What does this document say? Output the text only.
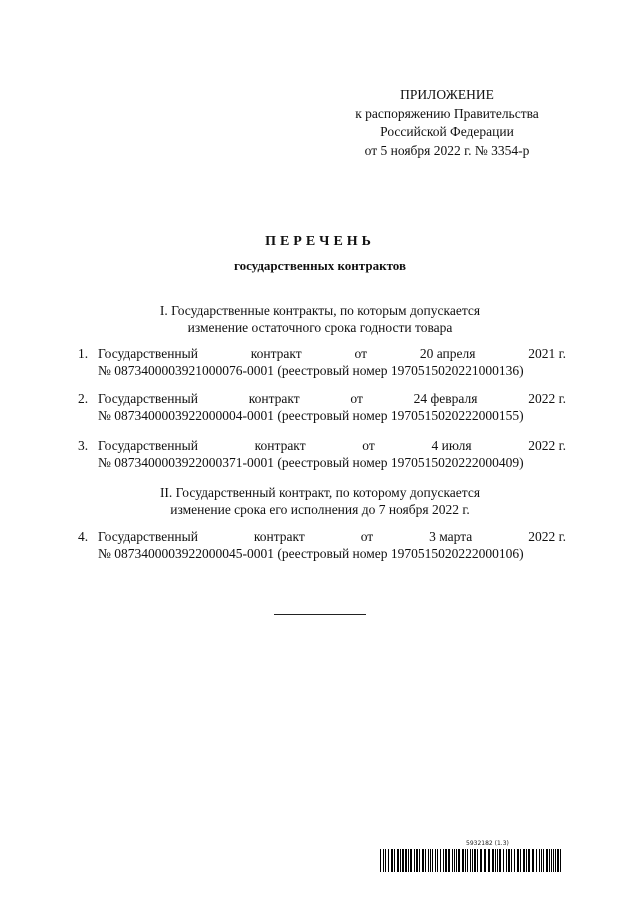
ПРИЛОЖЕНИЕ
к распоряжению Правительства
Российской Федерации
от 5 ноября 2022 г. № 3354-р
ПЕРЕЧЕНЬ
государственных контрактов
I. Государственные контракты, по которым допускается
изменение остаточного срока годности товара
1. Государственный	контракт	от	20 апреля	2021 г.
№ 0873400003921000076-0001 (реестровый номер 1970515020221000136)
2. Государственный	контракт	от	24 февраля	2022 г.
№ 0873400003922000004-0001 (реестровый номер 1970515020222000155)
3. Государственный	контракт	от	4 июля	2022 г.
№ 0873400003922000371-0001 (реестровый номер 1970515020222000409)
II. Государственный контракт, по которому допускается
изменение срока его исполнения до 7 ноября 2022 г.
4. Государственный	контракт	от	3 марта	2022 г.
№ 0873400003922000045-0001 (реестровый номер 1970515020222000106)
5932182 (1.3)
